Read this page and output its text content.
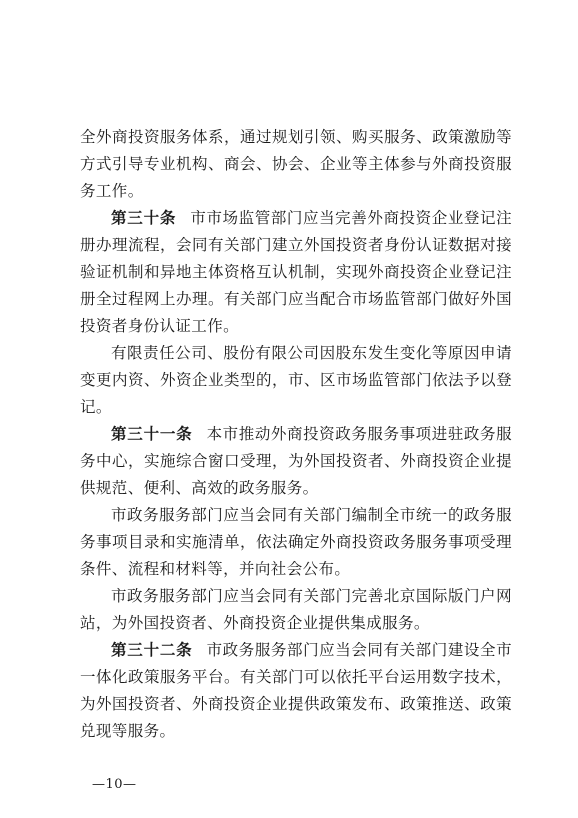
全外商投资服务体系，通过规划引领、购买服务、政策激励等方式引导专业机构、商会、协会、企业等主体参与外商投资服务工作。

第三十条 市市场监管部门应当完善外商投资企业登记注册办理流程，会同有关部门建立外国投资者身份认证数据对接验证机制和异地主体资格互认机制，实现外商投资企业登记注册全过程网上办理。有关部门应当配合市场监管部门做好外国投资者身份认证工作。

有限责任公司、股份有限公司因股东发生变化等原因申请变更内资、外资企业类型的，市、区市场监管部门依法予以登记。

第三十一条 本市推动外商投资政务服务事项进驻政务服务中心，实施综合窗口受理，为外国投资者、外商投资企业提供规范、便利、高效的政务服务。

市政务服务部门应当会同有关部门编制全市统一的政务服务事项目录和实施清单，依法确定外商投资政务服务事项受理条件、流程和材料等，并向社会公布。

市政务服务部门应当会同有关部门完善北京国际版门户网站，为外国投资者、外商投资企业提供集成服务。

第三十二条 市政务服务部门应当会同有关部门建设全市一体化政策服务平台。有关部门可以依托平台运用数字技术，为外国投资者、外商投资企业提供政策发布、政策推送、政策兑现等服务。

—10—
